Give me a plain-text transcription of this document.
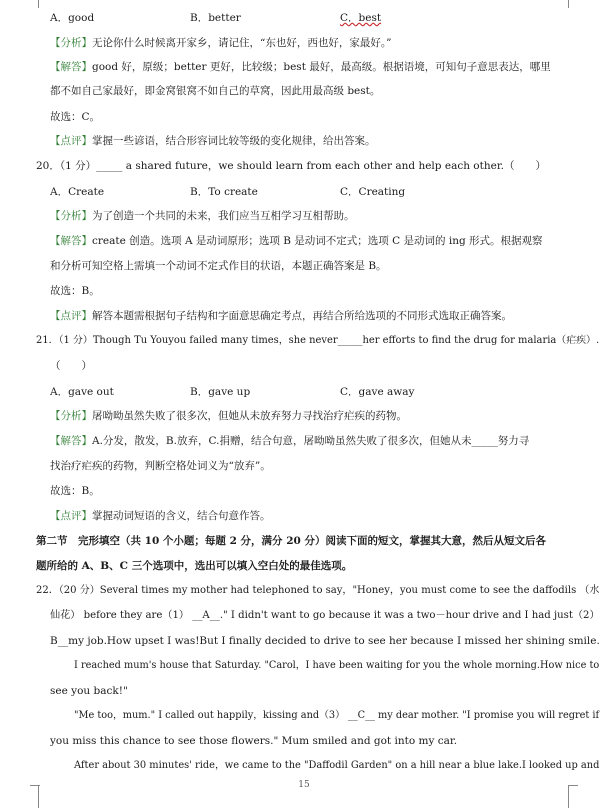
A．good	B．better	C．best
【分析】无论你什么时候离开家乡，请记住，“东也好，西也好，家最好。”
【解答】good 好，原级；better 更好，比较级；best 最好，最高级。根据语境，可知句子意思表达，哪里
都不如自己家最好，即金窝银窝不如自己的草窝，因此用最高级 best。
故选：C。
【点评】掌握一些谚语，结合形容词比较等级的变化规律，给出答案。
20．（1 分）_____ a shared future，we should learn from each other and help each other.（　　）
A．Create	B．To create	C．Creating
【分析】为了创造一个共同的未来，我们应当互相学习互相帮助。
【解答】create 创造。选项 A 是动词原形；选项 B 是动词不定式；选项 C 是动词的 ing 形式。根据观察
和分析可知空格上需填一个动词不定式作目的状语，本题正确答案是 B。
故选：B。
【点评】解答本题需根据句子结构和字面意思确定考点，再结合所给选项的不同形式选取正确答案。
21．（1 分）Though Tu Youyou failed many times，she never_____her efforts to find the drug for malaria（疟疾）.
（　　）
A．gave out	B．gave up	C．gave away
【分析】屠呦呦虽然失败了很多次，但她从未放弃努力寻找治疗疟疾的药物。
【解答】A.分发，散发，B.放弃，C.捐赠，结合句意，屠呦呦虽然失败了很多次，但她从未_____努力寻
找治疗疟疾的药物，判断空格处词义为“放弃”。
故选：B。
【点评】掌握动词短语的含义，结合句意作答。
第二节　完形填空（共 10 个小题；每题 2 分，满分 20 分）阅读下面的短文，掌握其大意，然后从短文后各
题所给的 A、B、C 三个选项中，选出可以填入空白处的最佳选项。
22．（20 分）Several times my mother had telephoned to say，"Honey，you must come to see the daffodils （水
仙花） before they are（1） __A__." I didn't want to go because it was a two－hour drive and I had just（2）
B__my job.How upset I was!But I finally decided to drive to see her because I missed her shining smile.
I reached mum's house that Saturday. "Carol，I have been waiting for you the whole morning.How nice to
see you back!"
"Me too，mum." I called out happily，kissing and（3） __C__ my dear mother. "I promise you will regret if
you miss this chance to see those flowers." Mum smiled and got into my car.
After about 30 minutes' ride，we came to the "Daffodil Garden" on a hill near a blue lake.I looked up and
15
